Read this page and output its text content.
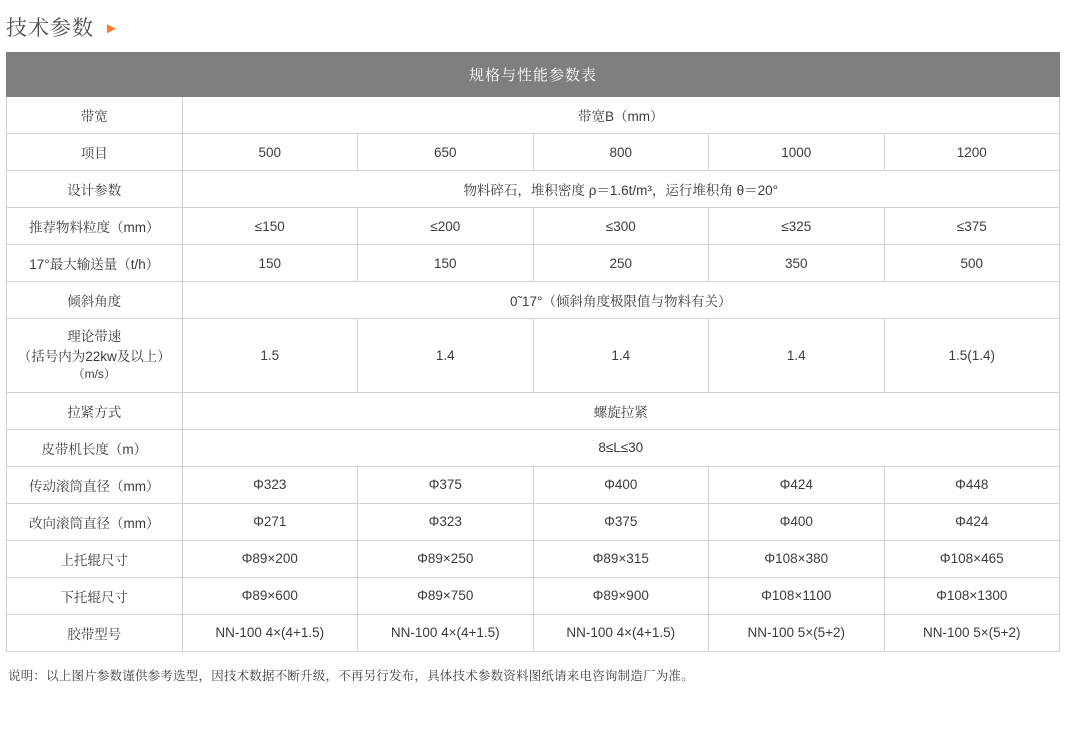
技术参数 ►
规格与性能参数表					
带宽	带宽B（mm）				
项目	500	650	800	1000	1200
设计参数	物料碎石，堆积密度 ρ＝1.6t/m³，运行堆积角 θ＝20°				
推荐物料粒度（mm）	≤150	≤200	≤300	≤325	≤375
17°最大输送量（t/h）	150	150	250	350	500
倾斜角度	0˜17°（倾斜角度极限值与物料有关）				

理论带速
（括号内为22kw及以上）
（m/s）	1.5	1.4	1.4	1.4	1.5(1.4)
拉紧方式	螺旋拉紧				
皮带机长度（m）	8≤L≤30				
传动滚筒直径（mm）	Φ323	Φ375	Φ400	Φ424	Φ448
改向滚筒直径（mm）	Φ271	Φ323	Φ375	Φ400	Φ424
上托辊尺寸	Φ89×200	Φ89×250	Φ89×315	Φ108×380	Φ108×465
下托辊尺寸	Φ89×600	Φ89×750	Φ89×900	Φ108×1100	Φ108×1300
胶带型号	NN-100 4×(4+1.5)	NN-100 4×(4+1.5)	NN-100 4×(4+1.5)	NN-100 5×(5+2)	NN-100 5×(5+2)
说明：以上图片参数谨供参考选型，因技术数据不断升级，不再另行发布，具体技术参数资料图纸请来电咨询制造厂为准。
